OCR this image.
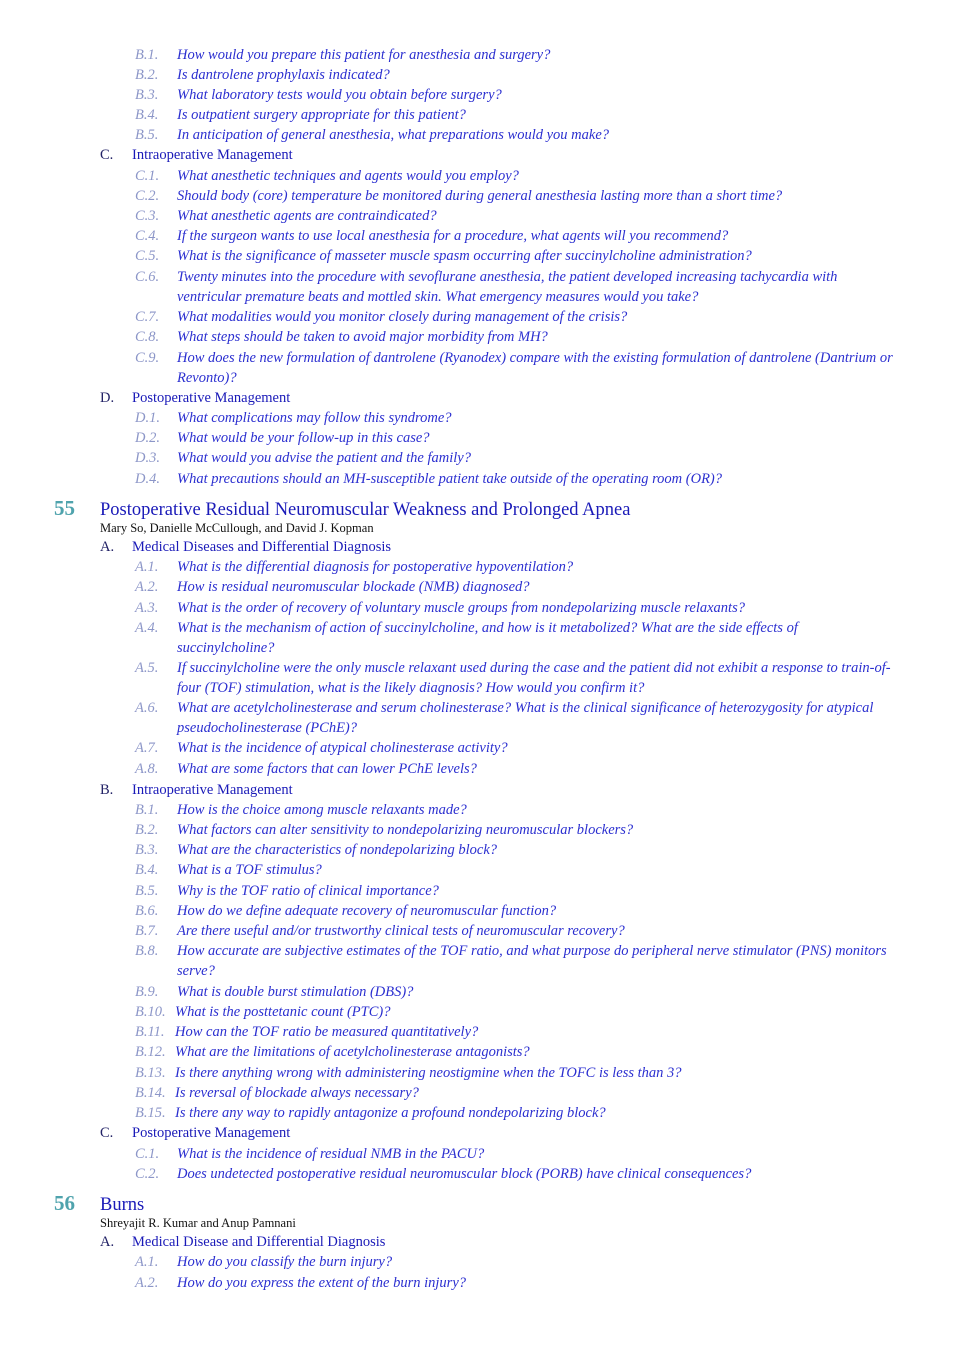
B.1.	How would you prepare this patient for anesthesia and surgery?
B.2.	Is dantrolene prophylaxis indicated?
B.3.	What laboratory tests would you obtain before surgery?
B.4.	Is outpatient surgery appropriate for this patient?
B.5.	In anticipation of general anesthesia, what preparations would you make?
C. Intraoperative Management
C.1.	What anesthetic techniques and agents would you employ?
C.2.	Should body (core) temperature be monitored during general anesthesia lasting more than a short time?
C.3.	What anesthetic agents are contraindicated?
C.4.	If the surgeon wants to use local anesthesia for a procedure, what agents will you recommend?
C.5.	What is the significance of masseter muscle spasm occurring after succinylcholine administration?
C.6.	Twenty minutes into the procedure with sevoflurane anesthesia, the patient developed increasing tachycardia with ventricular premature beats and mottled skin. What emergency measures would you take?
C.7.	What modalities would you monitor closely during management of the crisis?
C.8.	What steps should be taken to avoid major morbidity from MH?
C.9.	How does the new formulation of dantrolene (Ryanodex) compare with the existing formulation of dantrolene (Dantrium or Revonto)?
D. Postoperative Management
D.1.	What complications may follow this syndrome?
D.2.	What would be your follow-up in this case?
D.3.	What would you advise the patient and the family?
D.4.	What precautions should an MH-susceptible patient take outside of the operating room (OR)?
55 Postoperative Residual Neuromuscular Weakness and Prolonged Apnea
Mary So, Danielle McCullough, and David J. Kopman
A. Medical Diseases and Differential Diagnosis
A.1.	What is the differential diagnosis for postoperative hypoventilation?
A.2.	How is residual neuromuscular blockade (NMB) diagnosed?
A.3.	What is the order of recovery of voluntary muscle groups from nondepolarizing muscle relaxants?
A.4.	What is the mechanism of action of succinylcholine, and how is it metabolized? What are the side effects of succinylcholine?
A.5.	If succinylcholine were the only muscle relaxant used during the case and the patient did not exhibit a response to train-of-four (TOF) stimulation, what is the likely diagnosis? How would you confirm it?
A.6.	What are acetylcholinesterase and serum cholinesterase? What is the clinical significance of heterozygosity for atypical pseudocholinesterase (PChE)?
A.7.	What is the incidence of atypical cholinesterase activity?
A.8.	What are some factors that can lower PChE levels?
B. Intraoperative Management
B.1.	How is the choice among muscle relaxants made?
B.2.	What factors can alter sensitivity to nondepolarizing neuromuscular blockers?
B.3.	What are the characteristics of nondepolarizing block?
B.4.	What is a TOF stimulus?
B.5.	Why is the TOF ratio of clinical importance?
B.6.	How do we define adequate recovery of neuromuscular function?
B.7.	Are there useful and/or trustworthy clinical tests of neuromuscular recovery?
B.8.	How accurate are subjective estimates of the TOF ratio, and what purpose do peripheral nerve stimulator (PNS) monitors serve?
B.9.	What is double burst stimulation (DBS)?
B.10. What is the posttetanic count (PTC)?
B.11. How can the TOF ratio be measured quantitatively?
B.12. What are the limitations of acetylcholinesterase antagonists?
B.13. Is there anything wrong with administering neostigmine when the TOFC is less than 3?
B.14. Is reversal of blockade always necessary?
B.15. Is there any way to rapidly antagonize a profound nondepolarizing block?
C. Postoperative Management
C.1.	What is the incidence of residual NMB in the PACU?
C.2.	Does undetected postoperative residual neuromuscular block (PORB) have clinical consequences?
56 Burns
Shreyajit R. Kumar and Anup Pamnani
A. Medical Disease and Differential Diagnosis
A.1.	How do you classify the burn injury?
A.2.	How do you express the extent of the burn injury?
